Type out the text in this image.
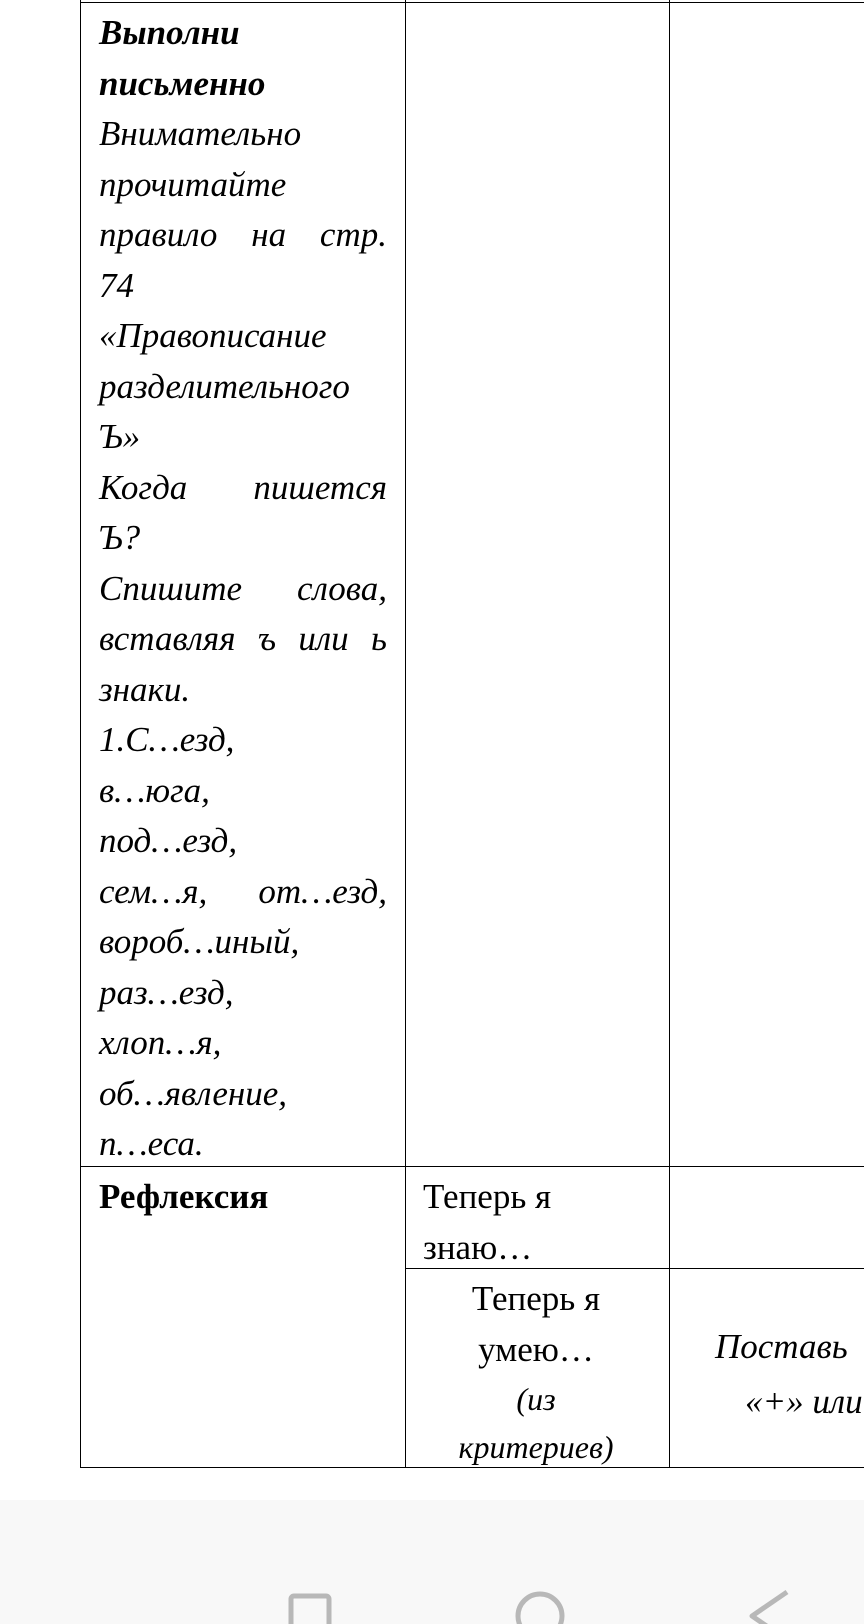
Выполни
письменно
Внимательно
прочитайте
правило на стр.
74
«Правописание
разделительного
Ъ»
Когда пишется
Ъ?
Спишите слова,
вставляя ъ или ь
знаки.
1.С…езд,
в…юга,
под…езд,
сем…я, от…езд,
вороб…иный,
раз…езд,
хлоп…я,
об…явление,
п…еса.
Рефлексия	Теперь я
знаю…
Теперь я
умею…
(из
критериев)
Поставь
«+» или
